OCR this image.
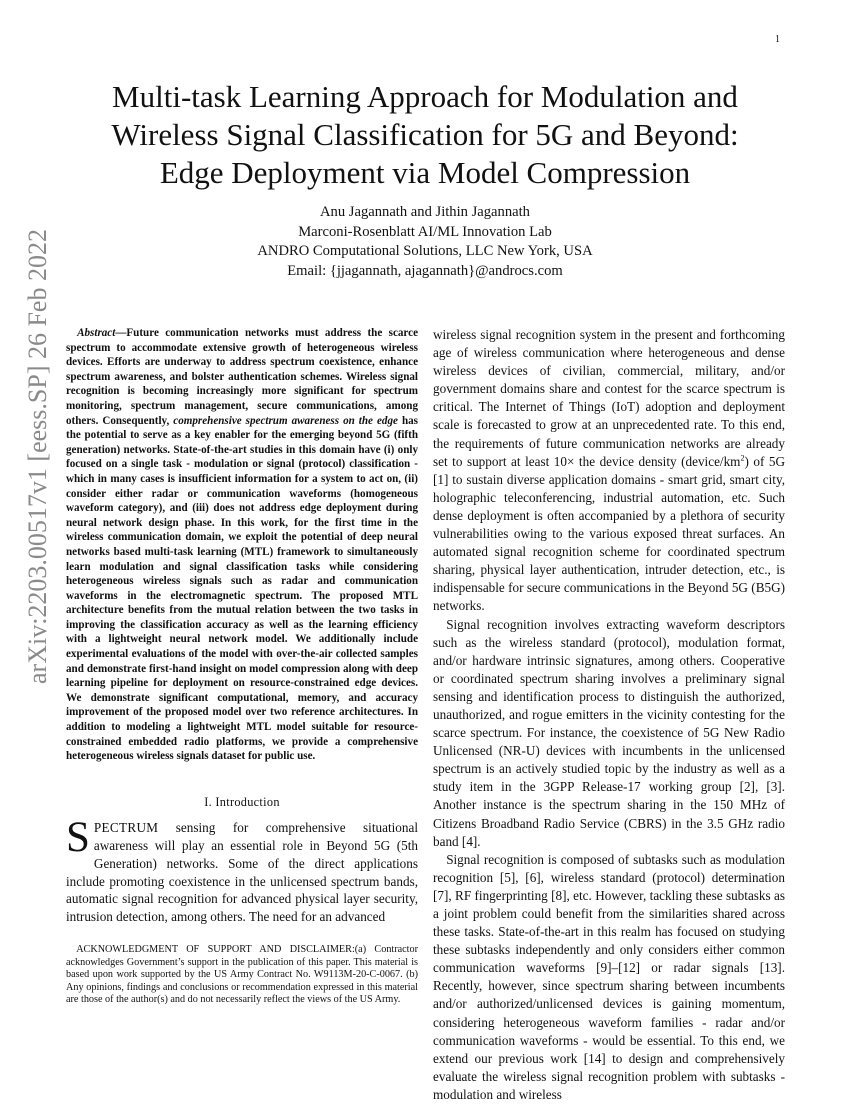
1
arXiv:2203.00517v1 [eess.SP] 26 Feb 2022
Multi-task Learning Approach for Modulation and
Wireless Signal Classification for 5G and Beyond:
Edge Deployment via Model Compression
Anu Jagannath and Jithin Jagannath
Marconi-Rosenblatt AI/ML Innovation Lab
ANDRO Computational Solutions, LLC New York, USA
Email: {jjagannath, ajagannath}@androcs.com

Abstract—Future communication networks must address the scarce spectrum to accommodate extensive growth of heterogeneous wireless devices. Efforts are underway to address spectrum coexistence, enhance spectrum awareness, and bolster authentication schemes. Wireless signal recognition is becoming increasingly more significant for spectrum monitoring, spectrum management, secure communications, among others. Consequently, comprehensive spectrum awareness on the edge has the potential to serve as a key enabler for the emerging beyond 5G (fifth generation) networks. State-of-the-art studies in this domain have (i) only focused on a single task - modulation or signal (protocol) classification - which in many cases is insufficient information for a system to act on, (ii) consider either radar or communication waveforms (homogeneous waveform category), and (iii) does not address edge deployment during neural network design phase. In this work, for the first time in the wireless communication domain, we exploit the potential of deep neural networks based multi-task learning (MTL) framework to simultaneously learn modulation and signal classification tasks while considering heterogeneous wireless signals such as radar and communication waveforms in the electromagnetic spectrum. The proposed MTL architecture benefits from the mutual relation between the two tasks in improving the classification accuracy as well as the learning efficiency with a lightweight neural network model. We additionally include experimental evaluations of the model with over-the-air collected samples and demonstrate first-hand insight on model compression along with deep learning pipeline for deployment on resource-constrained edge devices. We demonstrate significant computational, memory, and accuracy improvement of the proposed model over two reference architectures. In addition to modeling a lightweight MTL model suitable for resource-constrained embedded radio platforms, we provide a comprehensive heterogeneous wireless signals dataset for public use.

I. Introduction

SPECTRUM sensing for comprehensive situational awareness will play an essential role in Beyond 5G (5th Generation) networks. Some of the direct applications include promoting coexistence in the unlicensed spectrum bands, automatic signal recognition for advanced physical layer security, intrusion detection, among others. The need for an advanced

ACKNOWLEDGMENT OF SUPPORT AND DISCLAIMER:(a) Contractor acknowledges Government’s support in the publication of this paper. This material is based upon work supported by the US Army Contract No. W9113M-20-C-0067. (b) Any opinions, findings and conclusions or recommendation expressed in this material are those of the author(s) and do not necessarily reflect the views of the US Army.

wireless signal recognition system in the present and forthcoming age of wireless communication where heterogeneous and dense wireless devices of civilian, commercial, military, and/or government domains share and contest for the scarce spectrum is critical. The Internet of Things (IoT) adoption and deployment scale is forecasted to grow at an unprecedented rate. To this end, the requirements of future communication networks are already set to support at least 10× the device density $(device/km^2)$ of 5G [1] to sustain diverse application domains - smart grid, smart city, holographic teleconferencing, industrial automation, etc. Such dense deployment is often accompanied by a plethora of security vulnerabilities owing to the various exposed threat surfaces. An automated signal recognition scheme for coordinated spectrum sharing, physical layer authentication, intruder detection, etc., is indispensable for secure communications in the Beyond 5G (B5G) networks.

Signal recognition involves extracting waveform descriptors such as the wireless standard (protocol), modulation format, and/or hardware intrinsic signatures, among others. Cooperative or coordinated spectrum sharing involves a preliminary signal sensing and identification process to distinguish the authorized, unauthorized, and rogue emitters in the vicinity contesting for the scarce spectrum. For instance, the coexistence of 5G New Radio Unlicensed (NR-U) devices with incumbents in the unlicensed spectrum is an actively studied topic by the industry as well as a study item in the 3GPP Release-17 working group [2], [3]. Another instance is the spectrum sharing in the 150 MHz of Citizens Broadband Radio Service (CBRS) in the 3.5 GHz radio band [4].

Signal recognition is composed of subtasks such as modulation recognition [5], [6], wireless standard (protocol) determination [7], RF fingerprinting [8], etc. However, tackling these subtasks as a joint problem could benefit from the similarities shared across these tasks. State-of-the-art in this realm has focused on studying these subtasks independently and only considers either common communication waveforms [9]–[12] or radar signals [13]. Recently, however, since spectrum sharing between incumbents and/or authorized/unlicensed devices is gaining momentum, considering heterogeneous waveform families - radar and/or communication waveforms - would be essential. To this end, we extend our previous work [14] to design and comprehensively evaluate the wireless signal recognition problem with subtasks - modulation and wireless
